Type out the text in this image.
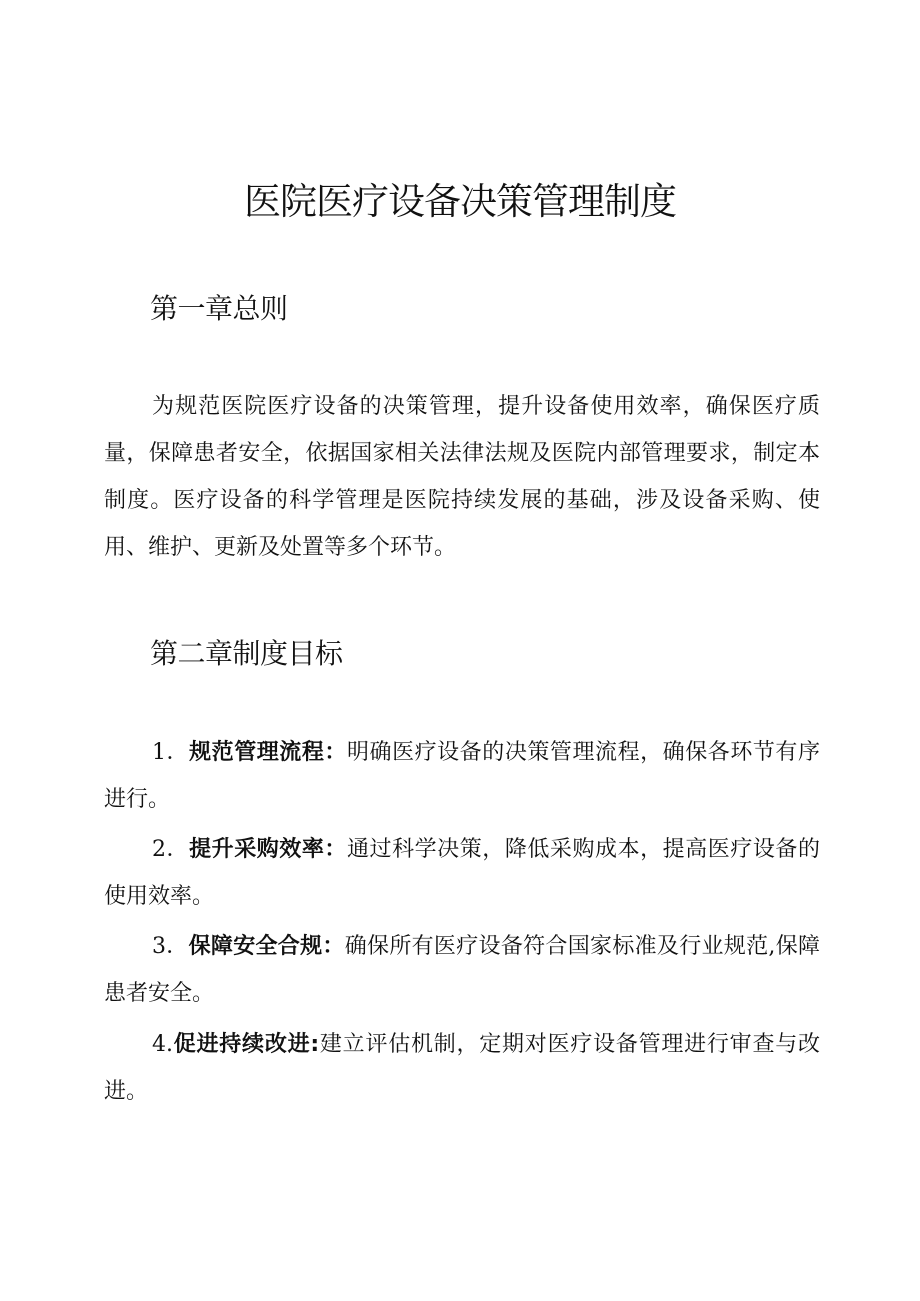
医院医疗设备决策管理制度
第一章总则

为规范医院医疗设备的决策管理，提升设备使用效率，确保医疗质量，保障患者安全，依据国家相关法律法规及医院内部管理要求，制定本制度。医疗设备的科学管理是医院持续发展的基础，涉及设备采购、使用、维护、更新及处置等多个环节。

第二章制度目标

1．规范管理流程：明确医疗设备的决策管理流程，确保各环节有序进行。

2．提升采购效率：通过科学决策，降低采购成本，提高医疗设备的使用效率。

3．保障安全合规：确保所有医疗设备符合国家标准及行业规范,保障患者安全。

4.促进持续改进:建立评估机制，定期对医疗设备管理进行审查与改进。
